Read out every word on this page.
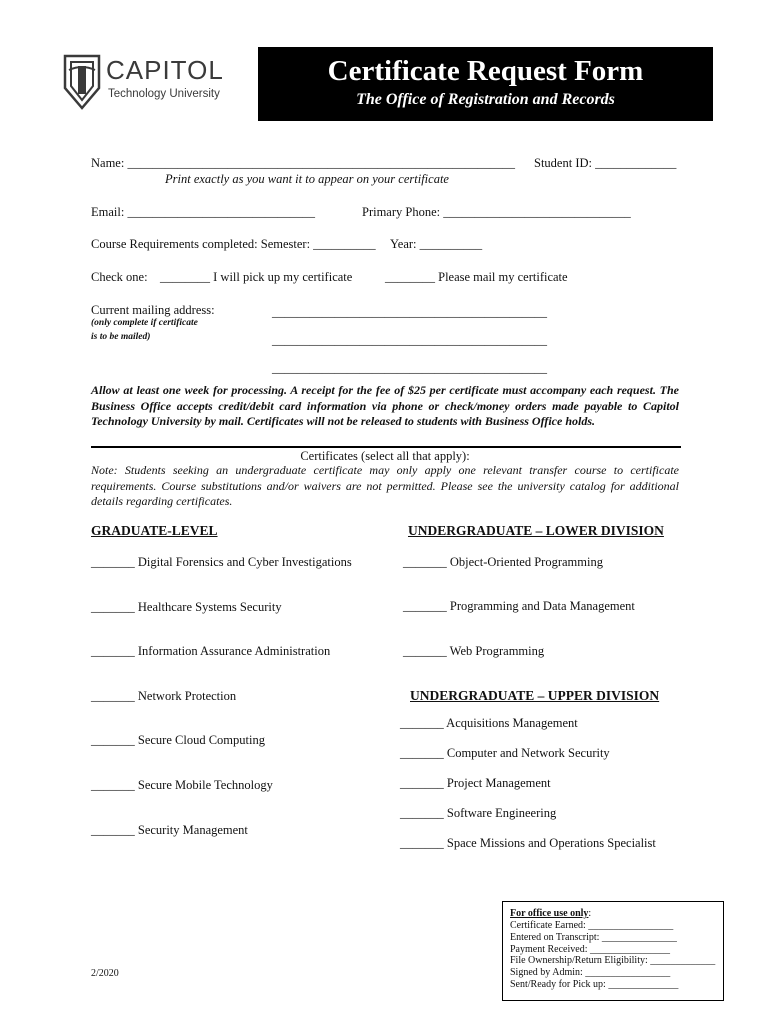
CAPITOL
Technology University
Certificate Request Form
The Office of Registration and Records
Name: ______________________________________________________________
Print exactly as you want it to appear on your certificate
Student ID: _____________
Email: ______________________________	Primary Phone: ______________________________
Course Requirements completed: Semester: __________ Year: __________
Check one: ________ I will pick up my certificate	________ Please mail my certificate
Current mailing address:
(only complete if certificate
is to be mailed)
____________________________________________
____________________________________________
____________________________________________
Allow at least one week for processing. A receipt for the fee of $25 per certificate must accompany each request. The Business Office accepts credit/debit card information via phone or check/money orders made payable to Capitol Technology University by mail. Certificates will not be released to students with Business Office holds.
Certificates (select all that apply):
Note: Students seeking an undergraduate certificate may only apply one relevant transfer course to certificate requirements. Course substitutions and/or waivers are not permitted. Please see the university catalog for additional details regarding certificates.
GRADUATE-LEVEL
_______ Digital Forensics and Cyber Investigations
_______ Healthcare Systems Security
_______ Information Assurance Administration
_______ Network Protection
_______ Secure Cloud Computing
_______ Secure Mobile Technology
_______ Security Management
UNDERGRADUATE – LOWER DIVISION
_______ Object-Oriented Programming
_______ Programming and Data Management
_______ Web Programming
UNDERGRADUATE – UPPER DIVISION
_______ Acquisitions Management
_______ Computer and Network Security
_______ Project Management
_______ Software Engineering
_______ Space Missions and Operations Specialist
2/2020
For office use only:
Certificate Earned: _________________
Entered on Transcript: _______________
Payment Received: ________________
File Ownership/Return Eligibility: _____________
Signed by Admin: _________________
Sent/Ready for Pick up: ______________
